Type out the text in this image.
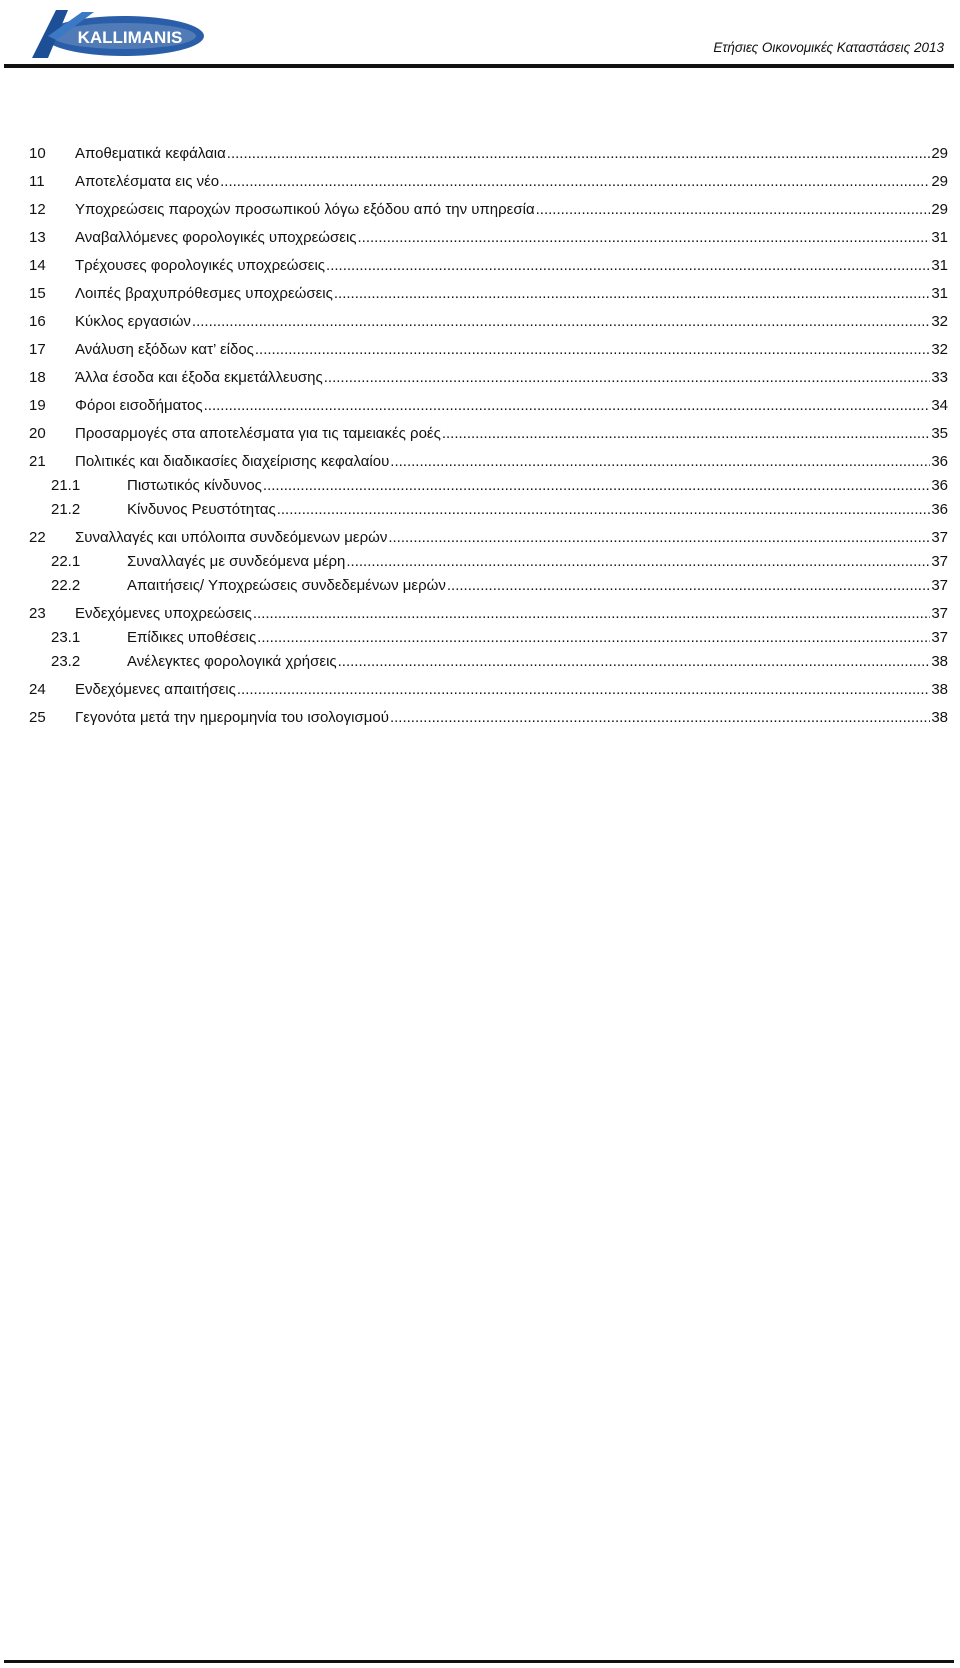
KALLIMANIS
Ετήσιες Οικονομικές Καταστάσεις 2013
10	Αποθεματικά κεφάλαια .....	29
11	Αποτελέσματα εις νέο .....	29
12	Υποχρεώσεις παροχών προσωπικού λόγω εξόδου από την υπηρεσία .....	29
13	Αναβαλλόμενες φορολογικές υποχρεώσεις .....	31
14	Τρέχουσες φορολογικές υποχρεώσεις .....	31
15	Λοιπές βραχυπρόθεσμες υποχρεώσεις .....	31
16	Κύκλος εργασιών .....	32
17	Ανάλυση εξόδων κατ’ είδος .....	32
18	Άλλα έσοδα και έξοδα εκμετάλλευσης .....	33
19	Φόροι εισοδήματος .....	34
20	Προσαρμογές στα αποτελέσματα για τις ταμειακές ροές .....	35
21	Πολιτικές και διαδικασίες διαχείρισης κεφαλαίου .....	36
21.1	Πιστωτικός κίνδυνος .....	36
21.2	Κίνδυνος Ρευστότητας .....	36
22	Συναλλαγές και υπόλοιπα συνδεόμενων μερών .....	37
22.1	Συναλλαγές με συνδεόμενα μέρη .....	37
22.2	Απαιτήσεις/ Υποχρεώσεις συνδεδεμένων μερών .....	37
23	Ενδεχόμενες υποχρεώσεις .....	37
23.1	Επίδικες υποθέσεις .....	37
23.2	Ανέλεγκτες φορολογικά χρήσεις .....	38
24	Ενδεχόμενες απαιτήσεις .....	38
25	Γεγονότα μετά την ημερομηνία του ισολογισμού .....	38
